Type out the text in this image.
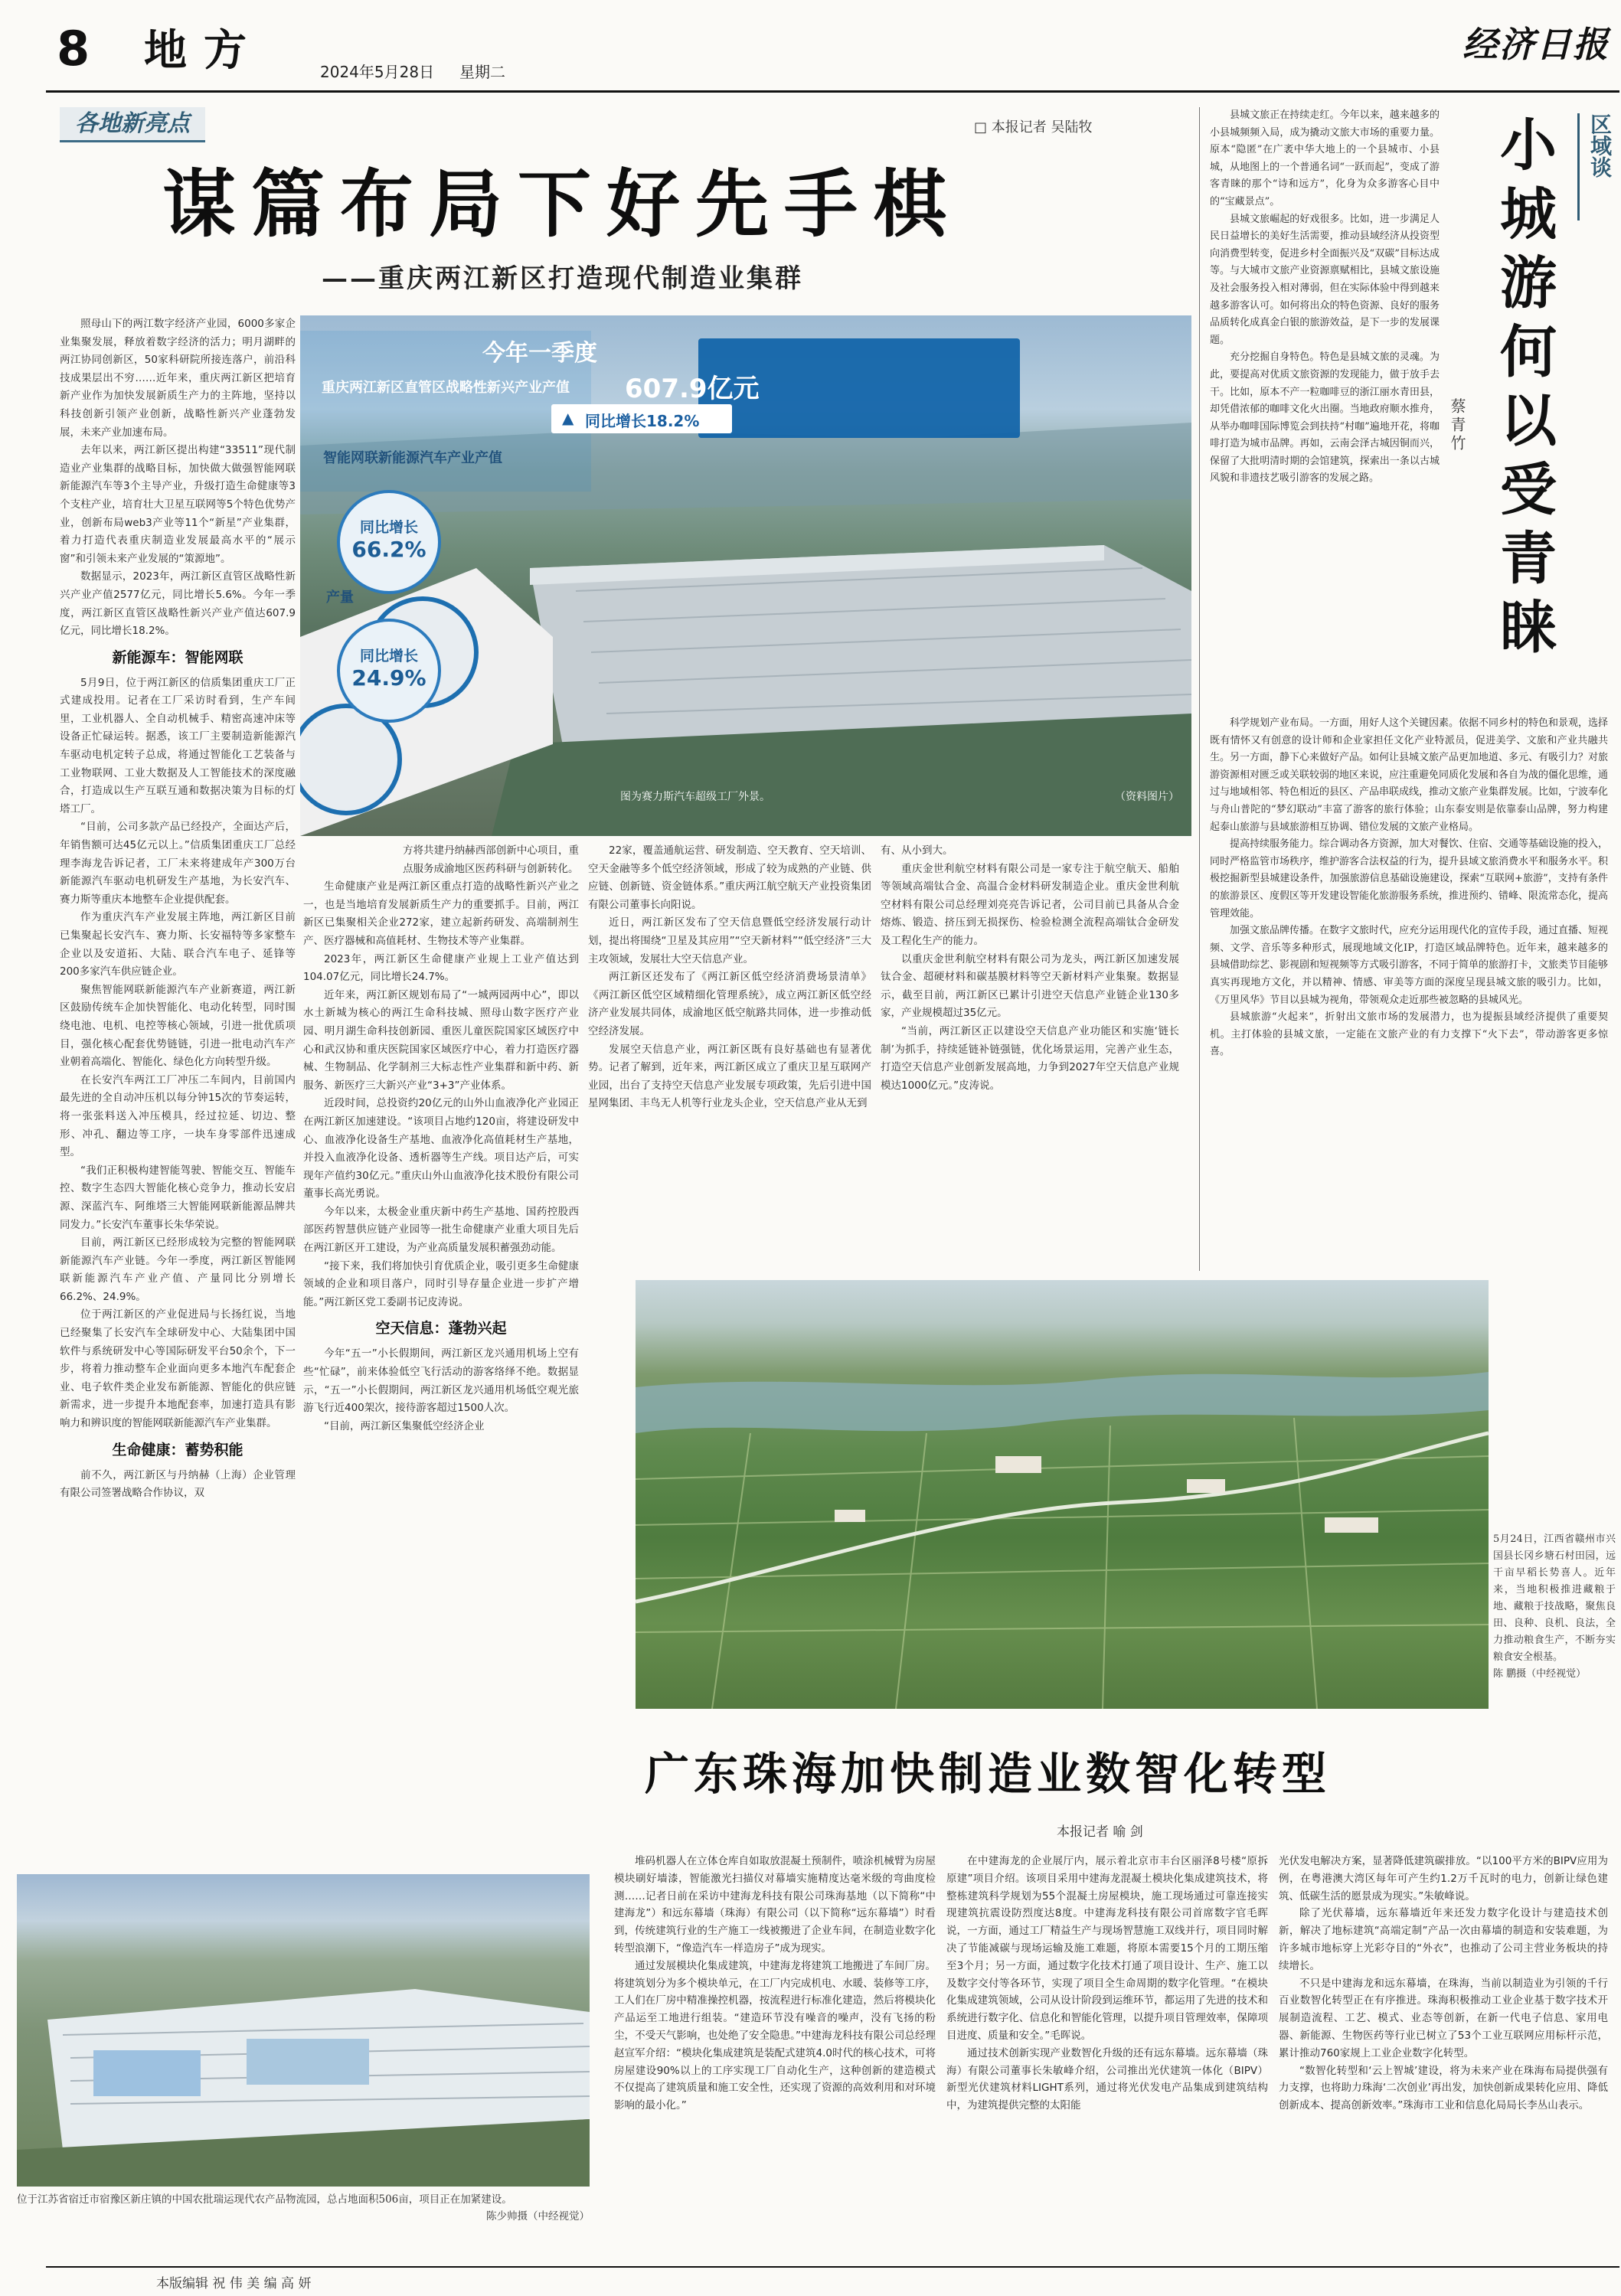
8 地方	2024年5月28日 星期二
经济日报
各地新亮点	□ 本报记者 吴陆牧
谋篇布局下好先手棋
——重庆两江新区打造现代制造业集群
今年一季度
重庆两江新区直管区战略性新兴产业产值 607.9亿元
▲ 同比增长18.2%
智能网联新能源汽车产业产值
同比增长
66.2%
产量
同比增长
24.9%
图为赛力斯汽车超级工厂外景。	（资料图片）

照母山下的两江数字经济产业园，6000多家企业集聚发展，释放着数字经济的活力；明月湖畔的两江协同创新区，50家科研院所接连落户，前沿科技成果层出不穷……近年来，重庆两江新区把培育新产业作为加快发展新质生产力的主阵地，坚持以科技创新引领产业创新，战略性新兴产业蓬勃发展，未来产业加速布局。

去年以来，两江新区提出构建“33511”现代制造业产业集群的战略目标，加快做大做强智能网联新能源汽车等3个主导产业，升级打造生命健康等3个支柱产业，培育壮大卫星互联网等5个特色优势产业，创新布局web3产业等11个“新星”产业集群，着力打造代表重庆制造业发展最高水平的“展示窗”和引领未来产业发展的“策源地”。

数据显示，2023年，两江新区直管区战略性新兴产业产值2577亿元，同比增长5.6%。今年一季度，两江新区直管区战略性新兴产业产值达607.9亿元，同比增长18.2%。

新能源车：智能网联

5月9日，位于两江新区的信质集团重庆工厂正式建成投用。记者在工厂采访时看到，生产车间里，工业机器人、全自动机械手、精密高速冲床等设备正忙碌运转。据悉，该工厂主要制造新能源汽车驱动电机定转子总成，将通过智能化工艺装备与工业物联网、工业大数据及人工智能技术的深度融合，打造成以生产互联互通和数据决策为目标的灯塔工厂。

“目前，公司多款产品已经投产，全面达产后，年销售额可达45亿元以上。”信质集团重庆工厂总经理李海龙告诉记者，工厂未来将建成年产300万台新能源汽车驱动电机研发生产基地，为长安汽车、赛力斯等重庆本地整车企业提供配套。

作为重庆汽车产业发展主阵地，两江新区目前已集聚起长安汽车、赛力斯、长安福特等多家整车企业以及安道拓、大陆、联合汽车电子、延锋等200多家汽车供应链企业。

聚焦智能网联新能源汽车产业新赛道，两江新区鼓励传统车企加快智能化、电动化转型，同时围绕电池、电机、电控等核心领域，引进一批优质项目，强化核心配套优势链链，引进一批电动汽车产业朝着高端化、智能化、绿色化方向转型升级。

在长安汽车两江工厂冲压二车间内，目前国内最先进的全自动冲压机以每分钟15次的节奏运转，将一张张料送入冲压模具，经过拉延、切边、整形、冲孔、翻边等工序，一块车身零部件迅速成型。

“我们正积极构建智能驾驶、智能交互、智能车控、数字生态四大智能化核心竞争力，推动长安启源、深蓝汽车、阿维塔三大智能网联新能源品牌共同发力。”长安汽车董事长朱华荣说。

目前，两江新区已经形成较为完整的智能网联新能源汽车产业链。今年一季度，两江新区智能网联新能源汽车产业产值、产量同比分别增长66.2%、24.9%。

位于两江新区的产业促进局与长扬红说，当地已经聚集了长安汽车全球研发中心、大陆集团中国软件与系统研发中心等国际研发平台50余个，下一步，将着力推动整车企业面向更多本地汽车配套企业、电子软件类企业发布新能源、智能化的供应链新需求，进一步提升本地配套率，加速打造具有影响力和辨识度的智能网联新能源汽车产业集群。

生命健康：蓄势积能

前不久，两江新区与丹纳赫（上海）企业管理有限公司签署战略合作协议，双

方将共建丹纳赫西部创新中心项目，重点服务成渝地区医药科研与创新转化。

生命健康产业是两江新区重点打造的战略性新兴产业之一，也是当地培育发展新质生产力的重要抓手。目前，两江新区已集聚相关企业272家，建立起新药研发、高端制剂生产、医疗器械和高值耗材、生物技术等产业集群。

2023年，两江新区生命健康产业规上工业产值达到104.07亿元，同比增长24.7%。

近年来，两江新区规划布局了“一城两园两中心”，即以水土新城为核心的两江生命科技城、照母山数字医疗产业园、明月湖生命科技创新园、重医儿童医院国家区域医疗中心和武汉协和重庆医院国家区域医疗中心，着力打造医疗器械、生物制品、化学制剂三大标志性产业集群和新中药、新服务、新医疗三大新兴产业“3+3”产业体系。

近段时间，总投资约20亿元的山外山血液净化产业园正在两江新区加速建设。“该项目占地约120亩，将建设研发中心、血液净化设备生产基地、血液净化高值耗材生产基地，并投入血液净化设备、透析器等生产线。项目达产后，可实现年产值约30亿元。”重庆山外山血液净化技术股份有限公司董事长高光勇说。

今年以来，太极金业重庆新中药生产基地、国药控股西部医药智慧供应链产业园等一批生命健康产业重大项目先后在两江新区开工建设，为产业高质量发展积蓄强劲动能。

“接下来，我们将加快引育优质企业，吸引更多生命健康领域的企业和项目落户，同时引导存量企业进一步扩产增能。”两江新区党工委副书记皮涛说。

空天信息：蓬勃兴起

今年“五一”小长假期间，两江新区龙兴通用机场上空有些“忙碌”，前来体验低空飞行活动的游客络绎不绝。数据显示，“五一”小长假期间，两江新区龙兴通用机场低空观光旅游飞行近400架次，接待游客超过1500人次。

“目前，两江新区集聚低空经济企业

22家，覆盖通航运营、研发制造、空天教育、空天培训、空天金融等多个低空经济领域，形成了较为成熟的产业链、供应链、创新链、资金链体系。”重庆两江航空航天产业投资集团有限公司董事长向阳说。

近日，两江新区发布了空天信息暨低空经济发展行动计划，提出将围绕“卫星及其应用”“空天新材料”“低空经济”三大主攻领域，发展壮大空天信息产业。

两江新区还发布了《两江新区低空经济消费场景清单》《两江新区低空区域精细化管理系统》，成立两江新区低空经济产业发展共同体，成渝地区低空航路共同体，进一步推动低空经济发展。

发展空天信息产业，两江新区既有良好基础也有显著优势。记者了解到，近年来，两江新区成立了重庆卫星互联网产业园，出台了支持空天信息产业发展专项政策，先后引进中国星网集团、丰鸟无人机等行业龙头企业，空天信息产业从无到

有、从小到大。

重庆金世利航空材料有限公司是一家专注于航空航天、船舶等领域高端钛合金、高温合金材料研发制造企业。重庆金世利航空材料有限公司总经理刘亮亮告诉记者，公司目前已具备从合金熔炼、锻造、挤压到无损探伤、检验检测全流程高端钛合金研发及工程化生产的能力。

以重庆金世利航空材料有限公司为龙头，两江新区加速发展钛合金、超硬材料和碳基膜材料等空天新材料产业集聚。数据显示，截至目前，两江新区已累计引进空天信息产业链企业130多家，产业规模超过35亿元。

“当前，两江新区正以建设空天信息产业功能区和实施‘链长制’为抓手，持续延链补链强链，优化场景运用，完善产业生态，打造空天信息产业创新发展高地，力争到2027年空天信息产业规模达1000亿元。”皮涛说。

区域谈
小城游何以受青睐
蔡青竹

县城文旅正在持续走红。今年以来，越来越多的小县城频频入局，成为撬动文旅大市场的重要力量。原本“隐匿”在广袤中华大地上的一个县城市、小县城，从地图上的一个普通名词“一跃而起”，变成了游客青睐的那个“诗和远方”，化身为众多游客心目中的“宝藏景点”。

县城文旅崛起的好戏很多。比如，进一步满足人民日益增长的美好生活需要，推动县域经济从投资型向消费型转变，促进乡村全面振兴及“双碳”目标达成等。与大城市文旅产业资源禀赋相比，县城文旅设施及社会服务投入相对薄弱，但在实际体验中得到越来越多游客认可。如何将出众的特色资源、良好的服务品质转化成真金白银的旅游效益，是下一步的发展课题。

充分挖掘自身特色。特色是县城文旅的灵魂。为此，要提高对优质文旅资源的发现能力，做于放手去干。比如，原本不产一粒咖啡豆的浙江丽水青田县，却凭借浓郁的咖啡文化火出圈。当地政府顺水推舟，从举办咖啡国际博览会到扶持“村咖”遍地开花，将咖啡打造为城市品牌。再如，云南会泽古城因铜而兴，保留了大批明清时期的会馆建筑，探索出一条以古城风貌和非遗技艺吸引游客的发展之路。

科学规划产业布局。一方面，用好人这个关键因素。依据不同乡村的特色和景观，选择既有情怀又有创意的设计师和企业家担任文化产业特派员，促进美学、文旅和产业共融共生。另一方面，静下心来做好产品。如何让县城文旅产品更加地道、多元、有吸引力？对旅游资源相对匮乏或关联较弱的地区来说，应注重避免同质化发展和各自为战的僵化思维，通过与地域相邻、特色相近的县区、产品串联成线，推动文旅产业集群发展。比如，宁波奉化与舟山普陀的“梦幻联动”丰富了游客的旅行体验；山东泰安则是依靠泰山品牌，努力构建起泰山旅游与县域旅游相互协调、错位发展的文旅产业格局。

提高持续服务能力。综合调动各方资源，加大对餐饮、住宿、交通等基础设施的投入，同时严格监管市场秩序，维护游客合法权益的行为，提升县域文旅消费水平和服务水平。积极挖掘新型县城建设条件，加强旅游信息基础设施建设，探索“互联网+旅游”，支持有条件的旅游景区、度假区等开发建设智能化旅游服务系统，推进预约、错峰、限流常态化，提高管理效能。

加强文旅品牌传播。在数字文旅时代，应充分运用现代化的宣传手段，通过直播、短视频、文学、音乐等多种形式，展现地域文化IP，打造区域品牌特色。近年来，越来越多的县城借助综艺、影视剧和短视频等方式吸引游客，不同于简单的旅游打卡，文旅类节目能够真实再现地方文化，并以精神、情感、审美等方面的深度呈现县城文旅的吸引力。比如，《万里风华》节目以县城为视角，带领观众走近那些被忽略的县城风光。

县城旅游“火起来”，折射出文旅市场的发展潜力，也为提振县域经济提供了重要契机。主打体验的县城文旅，一定能在文旅产业的有力支撑下“火下去”，带动游客更多惊喜。

5月24日，江西省赣州市兴国县长冈乡塘石村田园，远干亩早稻长势喜人。近年来，当地积极推进藏粮于地、藏粮于技战略，聚焦良田、良种、良机、良法，全力推动粮食生产，不断夯实粮食安全根基。
陈 鹏摄（中经视觉）
广东珠海加快制造业数智化转型
本报记者 喻 剑

堆码机器人在立体仓库自如取放混凝土预制件，喷涂机械臂为房屋模块刷好墙漆，智能激光扫描仪对幕墙实施精度达毫米级的弯曲度检测……记者日前在采访中建海龙科技有限公司珠海基地（以下简称“中建海龙”）和远东幕墙（珠海）有限公司（以下简称“远东幕墙”）时看到，传统建筑行业的生产施工一线被搬进了企业车间，在制造业数字化转型浪潮下，“像造汽车一样造房子”成为现实。

通过发展模块化集成建筑，中建海龙将建筑工地搬进了车间厂房。将建筑划分为多个模块单元，在工厂内完成机电、水暖、装修等工序，工人们在厂房中精准操控机器，按流程进行标准化建造，然后将模块化产品运至工地进行组装。“建造环节没有噪音的噪声，没有飞扬的粉尘，不受天气影响，也处绝了安全隐患。”中建海龙科技有限公司总经理赵宣军介绍：“模块化集成建筑是装配式建筑4.0时代的核心技术，可将房屋建设90%以上的工序实现工厂自动化生产，这种创新的建造模式不仅提高了建筑质量和施工安全性，还实现了资源的高效利用和对环境影响的最小化。”

在中建海龙的企业展厅内，展示着北京市丰台区丽泽8号楼“原拆原建”项目介绍。该项目采用中建海龙混凝土模块化集成建筑技术，将整栋建筑科学规划为55个混凝土房屋模块，施工现场通过可靠连接实现建筑抗震设防烈度达8度。中建海龙科技有限公司首席数字官毛晖说，一方面，通过工厂精益生产与现场智慧施工双线并行，项目同时解决了节能减碳与现场运输及施工难题，将原本需要15个月的工期压缩至3个月；另一方面，通过数字化技术打通了项目设计、生产、施工以及数字交付等各环节，实现了项目全生命周期的数字化管理。“在模块化集成建筑领域，公司从设计阶段到运维环节，都运用了先进的技术和系统进行数字化、信息化和智能化管理，以提升项目管理效率，保障项目进度、质量和安全。”毛晖说。

通过技术创新实现产业数智化升级的还有远东幕墙。远东幕墙（珠海）有限公司董事长朱敏峰介绍，公司推出光伏建筑一体化（BIPV）新型光伏建筑材料LIGHT系列，通过将光伏发电产品集成到建筑结构中，为建筑提供完整的太阳能

光伏发电解决方案，显著降低建筑碳排放。“以100平方米的BIPV应用为例，在粤港澳大湾区每年可产生约1.2万千瓦时的电力，创新让绿色建筑、低碳生活的愿景成为现实。”朱敏峰说。

除了光伏幕墙，远东幕墙近年来还发力数字化设计与建造技术创新，解决了地标建筑“高端定制”产品一次由幕墙的制造和安装难题，为许多城市地标穿上光彩夺目的“外衣”，也推动了公司主营业务板块的持续增长。

不只是中建海龙和远东幕墙，在珠海，当前以制造业为引领的千行百业数智化转型正在有序推进。珠海积极推动工业企业基于数字技术开展制造流程、工艺、模式、业态等创新，在新一代电子信息、家用电器、新能源、生物医药等行业已树立了53个工业互联网应用标杆示范，累计推动760家规上工业企业数字化转型。

“数智化转型和‘云上智城’建设，将为未来产业在珠海布局提供强有力支撑，也将助力珠海‘二次创业’再出发，加快创新成果转化应用、降低创新成本、提高创新效率。”珠海市工业和信息化局局长李丛山表示。

位于江苏省宿迁市宿豫区新庄镇的中国农批瑞运现代农产品物流园，总占地面积506亩，项目正在加紧建设。
陈少帅摄（中经视觉）
本版编辑 祝 伟 美 编 高 妍
